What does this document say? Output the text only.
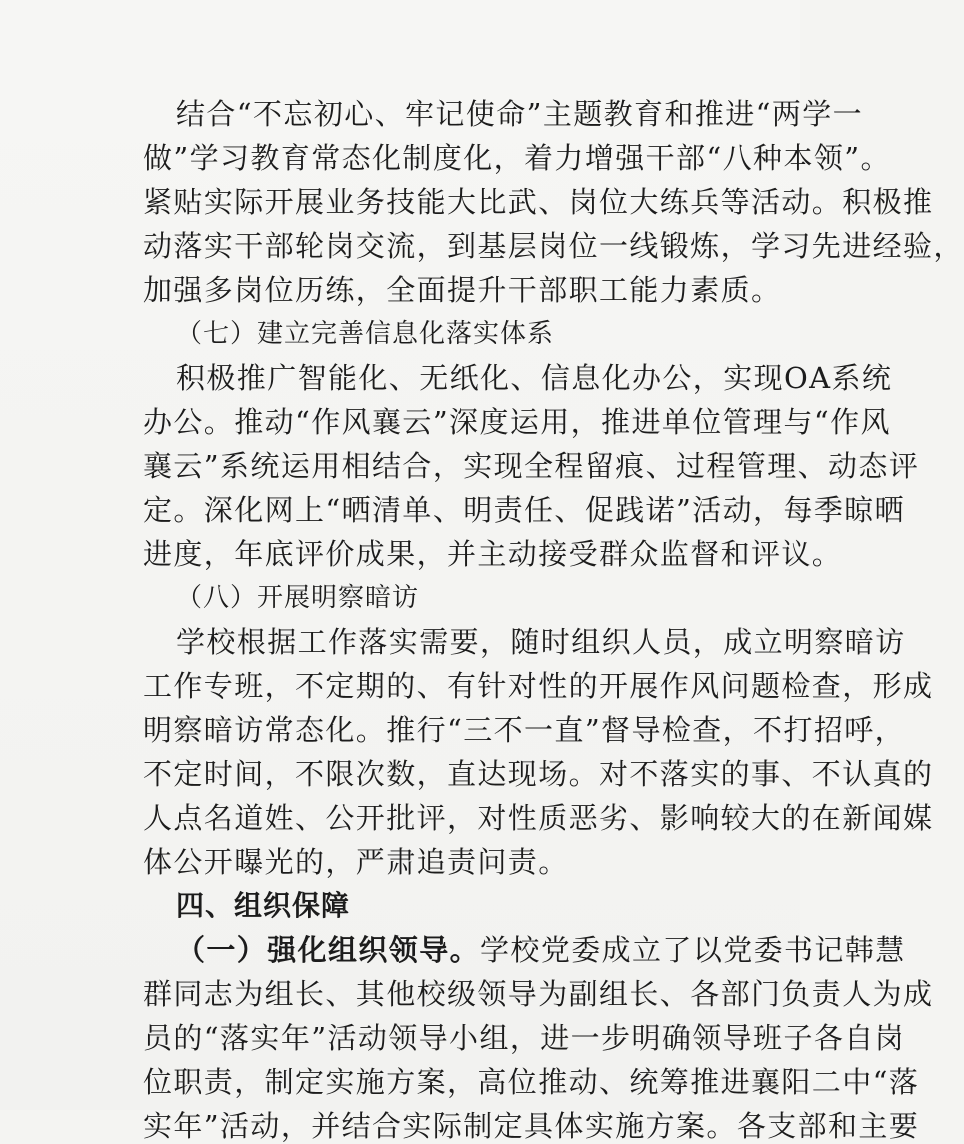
结合“不忘初心、牢记使命”主题教育和推进“两学一
做”学习教育常态化制度化，着力增强干部“八种本领”。
紧贴实际开展业务技能大比武、岗位大练兵等活动。积极推
动落实干部轮岗交流，到基层岗位一线锻炼，学习先进经验，
加强多岗位历练，全面提升干部职工能力素质。
（七）建立完善信息化落实体系
积极推广智能化、无纸化、信息化办公，实现OA系统
办公。推动“作风襄云”深度运用，推进单位管理与“作风
襄云”系统运用相结合，实现全程留痕、过程管理、动态评
定。深化网上“晒清单、明责任、促践诺”活动，每季晾晒
进度，年底评价成果，并主动接受群众监督和评议。
（八）开展明察暗访
学校根据工作落实需要，随时组织人员，成立明察暗访
工作专班，不定期的、有针对性的开展作风问题检查，形成
明察暗访常态化。推行“三不一直”督导检查，不打招呼，
不定时间，不限次数，直达现场。对不落实的事、不认真的
人点名道姓、公开批评，对性质恶劣、影响较大的在新闻媒
体公开曝光的，严肃追责问责。
四、组织保障
（一）强化组织领导。学校党委成立了以党委书记韩慧
群同志为组长、其他校级领导为副组长、各部门负责人为成
员的“落实年”活动领导小组，进一步明确领导班子各自岗
位职责，制定实施方案，高位推动、统筹推进襄阳二中“落
实年”活动，并结合实际制定具体实施方案。各支部和主要
